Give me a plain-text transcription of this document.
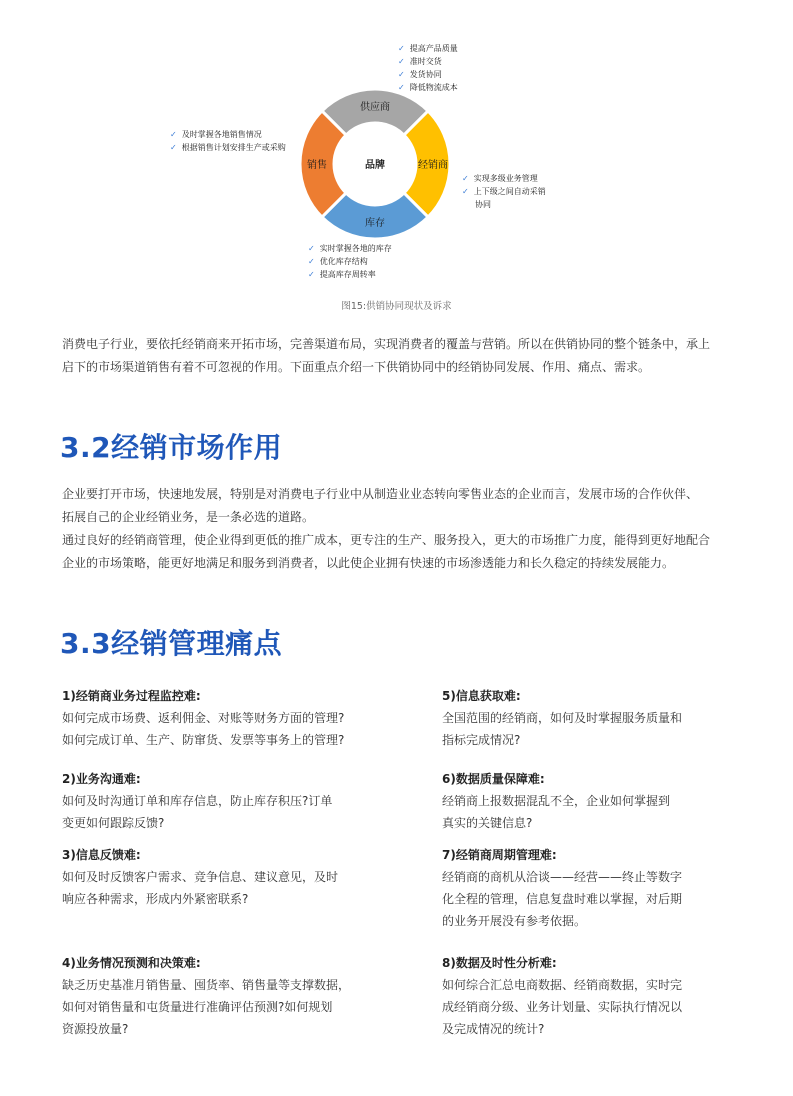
供应商
经销商
库存
销售	品牌
✓ 提高产品质量
✓ 准时交货
✓ 发货协同
✓ 降低物流成本
✓ 及时掌握各地销售情况
✓ 根据销售计划安排生产或采购
✓ 实现多级业务管理
✓ 上下级之间自动采销
协同
✓ 实时掌握各地的库存
✓ 优化库存结构
✓ 提高库存周转率
图15:供销协同现状及诉求
消费电子行业，要依托经销商来开拓市场，完善渠道布局，实现消费者的覆盖与营销。所以在供销协同的整个链条中，承上
启下的市场渠道销售有着不可忽视的作用。下面重点介绍一下供销协同中的经销协同发展、作用、痛点、需求。
3.2经销市场作用
企业要打开市场，快速地发展，特别是对消费电子行业中从制造业业态转向零售业态的企业而言，发展市场的合作伙伴、
拓展自己的企业经销业务，是一条必选的道路。
通过良好的经销商管理，使企业得到更低的推广成本，更专注的生产、服务投入，更大的市场推广力度，能得到更好地配合
企业的市场策略，能更好地满足和服务到消费者，以此使企业拥有快速的市场渗透能力和长久稳定的持续发展能力。
3.3经销管理痛点
1)经销商业务过程监控难:
如何完成市场费、返利佣金、对账等财务方面的管理?
如何完成订单、生产、防窜货、发票等事务上的管理?
2)业务沟通难:
如何及时沟通订单和库存信息，防止库存积压?订单
变更如何跟踪反馈?
3)信息反馈难:
如何及时反馈客户需求、竞争信息、建议意见，及时
响应各种需求，形成内外紧密联系?
4)业务情况预测和决策难:
缺乏历史基准月销售量、囤货率、销售量等支撑数据，
如何对销售量和屯货量进行准确评估预测?如何规划
资源投放量?
5)信息获取难:
全国范围的经销商，如何及时掌握服务质量和
指标完成情况?
6)数据质量保障难:
经销商上报数据混乱不全，企业如何掌握到
真实的关键信息?
7)经销商周期管理难:
经销商的商机从洽谈——经营——终止等数字
化全程的管理，信息复盘时难以掌握，对后期
的业务开展没有参考依据。
8)数据及时性分析难:
如何综合汇总电商数据、经销商数据，实时完
成经销商分级、业务计划量、实际执行情况以
及完成情况的统计?
